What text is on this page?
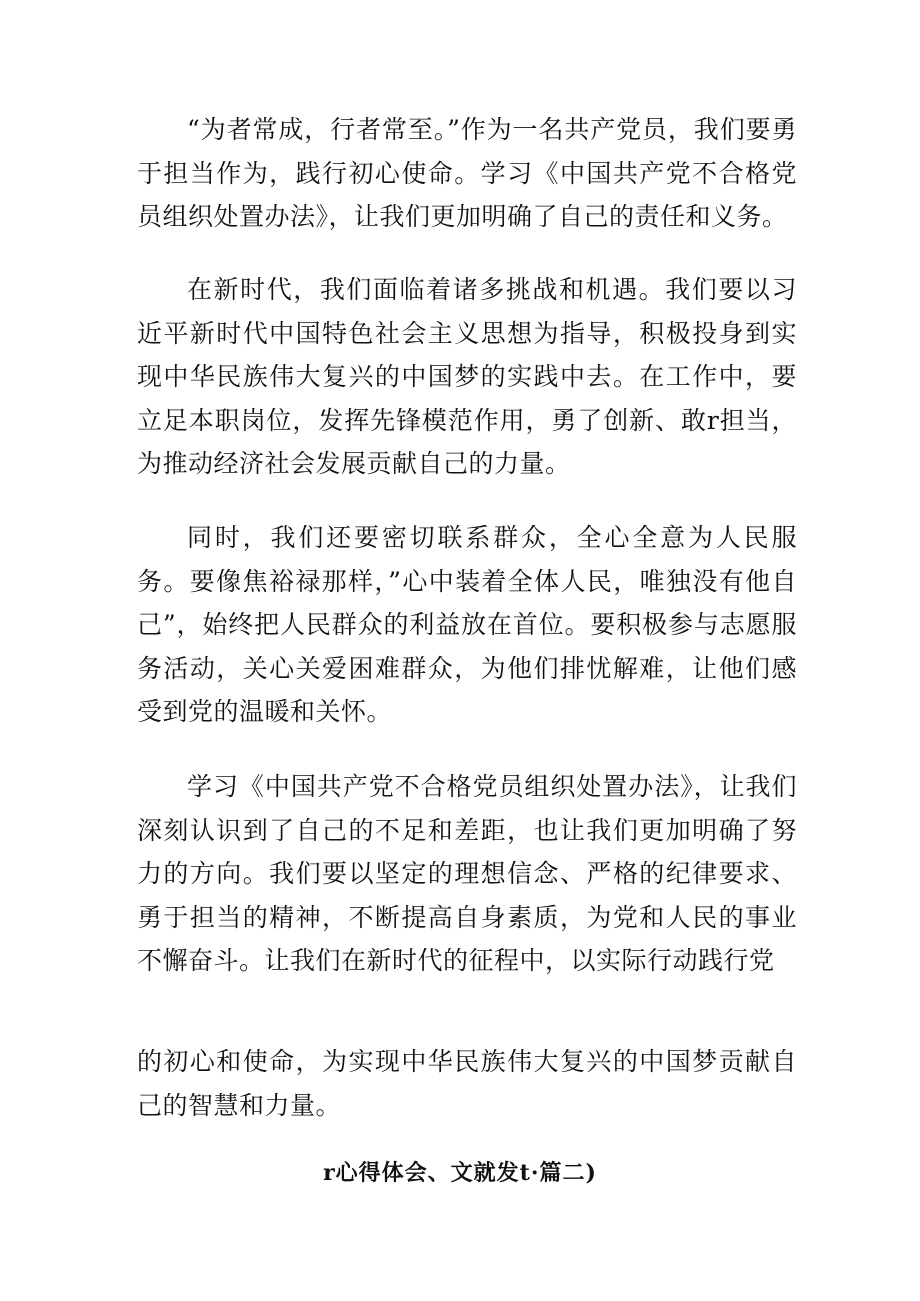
“为者常成，行者常至。”作为一名共产党员，我们要勇于担当作为，践行初心使命。学习《中国共产党不合格党员组织处置办法》，让我们更加明确了自己的责任和义务。

在新时代，我们面临着诸多挑战和机遇。我们要以习近平新时代中国特色社会主义思想为指导，积极投身到实现中华民族伟大复兴的中国梦的实践中去。在工作中，要立足本职岗位，发挥先锋模范作用，勇了创新、敢r担当，为推动经济社会发展贡献自己的力量。

同时，我们还要密切联系群众，全心全意为人民服务。要像焦裕禄那样，”心中装着全体人民，唯独没有他自己”，始终把人民群众的利益放在首位。要积极参与志愿服务活动，关心关爱困难群众，为他们排忧解难，让他们感受到党的温暖和关怀。

学习《中国共产党不合格党员组织处置办法》，让我们深刻认识到了自己的不足和差距，也让我们更加明确了努力的方向。我们要以坚定的理想信念、严格的纪律要求、勇于担当的精神，不断提高自身素质，为党和人民的事业不懈奋斗。让我们在新时代的征程中，以实际行动践行党

的初心和使命，为实现中华民族伟大复兴的中国梦贡献自己的智慧和力量。

r心得体会、文就发t·篇二)
